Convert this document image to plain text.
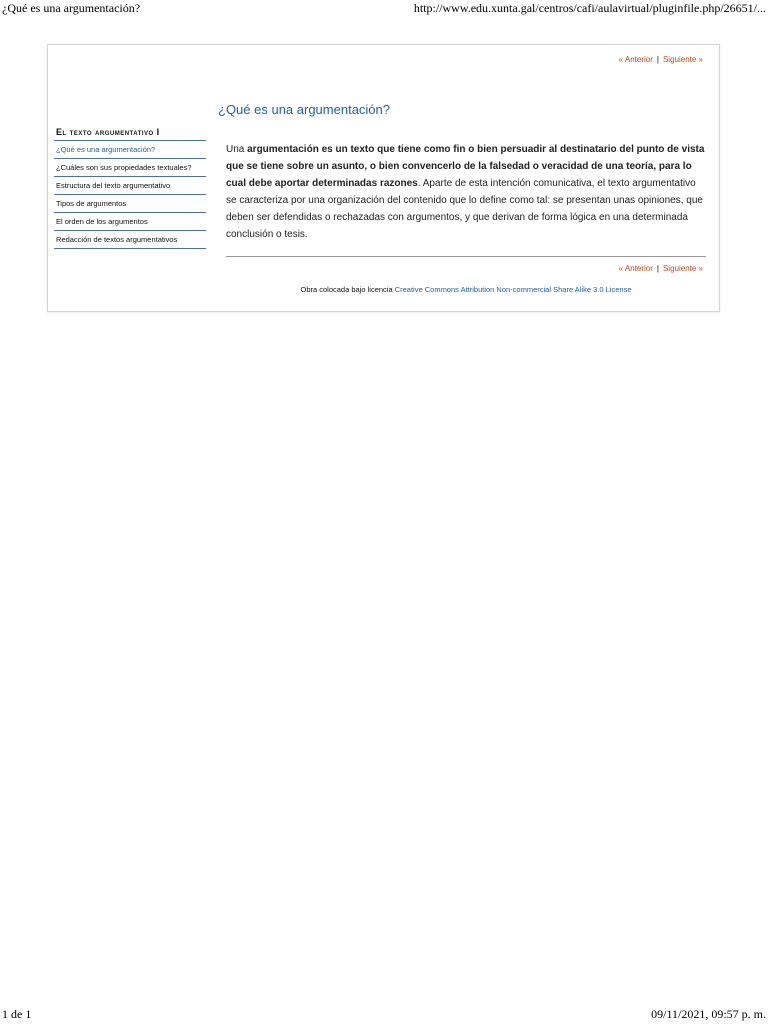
¿Qué es una argumentación?	http://www.edu.xunta.gal/centros/cafi/aulavirtual/pluginfile.php/26651/...
« Anterior | Siguiente »
El texto argumentativo I
¿Qué es una argumentación?
¿Cuáles son sus propiedades textuales?
Estructura del texto argumentativo
Tipos de argumentos
El orden de los argumentos
Redacción de textos argumentativos
¿Qué es una argumentación?
Una argumentación es un texto que tiene como fin o bien persuadir al destinatario del punto de vista que se tiene sobre un asunto, o bien convencerlo de la falsedad o veracidad de una teoría, para lo cual debe aportar determinadas razones. Aparte de esta intención comunicativa, el texto argumentativo se caracteriza por una organización del contenido que lo define como tal: se presentan unas opiniones, que deben ser defendidas o rechazadas con argumentos, y que derivan de forma lógica en una determinada conclusión o tesis.
« Anterior | Siguiente »
Obra colocada bajo licencia Creative Commons Attribution Non-commercial Share Alike 3.0 License
1 de 1	09/11/2021, 09:57 p. m.
